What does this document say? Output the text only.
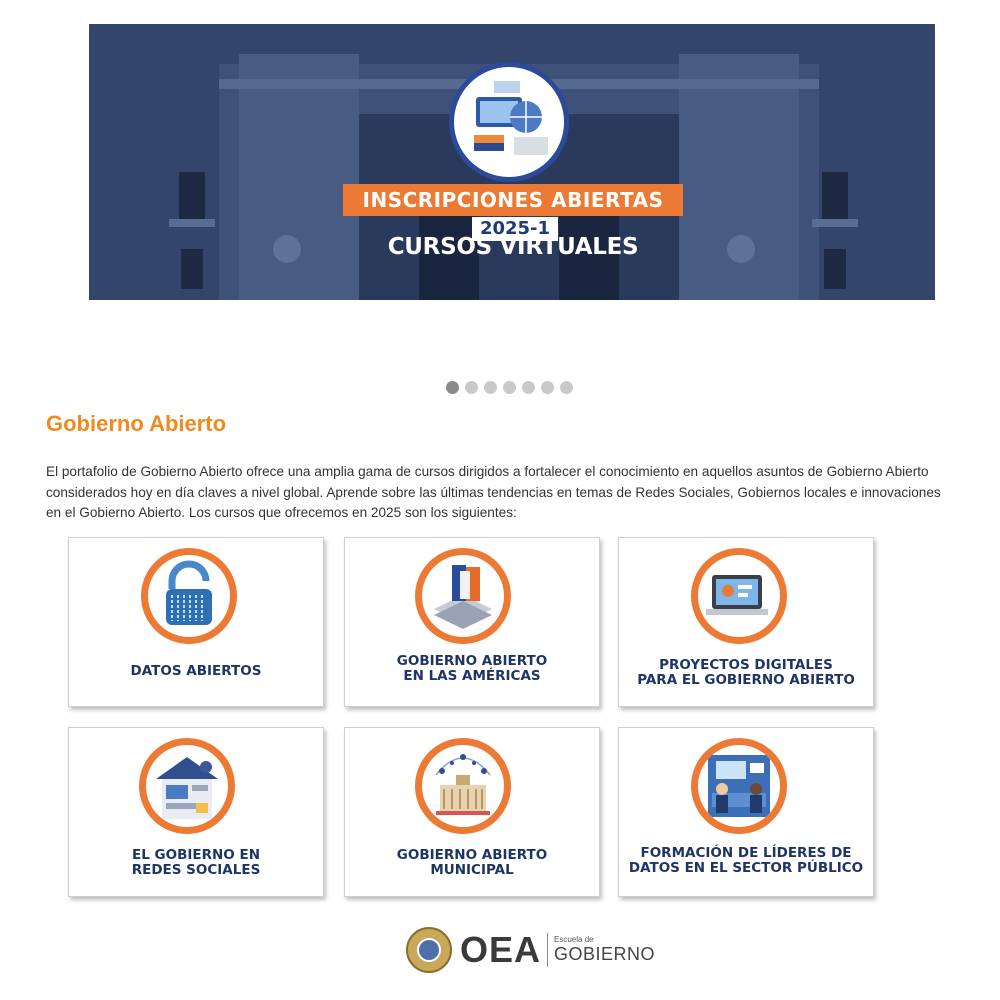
INSCRIPCIONES ABIERTAS
2025-1
CURSOS VIRTUALES
Gobierno Abierto
El portafolio de Gobierno Abierto ofrece una amplia gama de cursos dirigidos a fortalecer el conocimiento en aquellos asuntos de Gobierno Abierto considerados hoy en día claves a nivel global. Aprende sobre las últimas tendencias en temas de Redes Sociales, Gobiernos locales e innovaciones en el Gobierno Abierto. Los cursos que ofrecemos en 2025 son los siguientes:
DATOS ABIERTOS
GOBIERNO ABIERTO
EN LAS AMÉRICAS
PROYECTOS DIGITALES
PARA EL GOBIERNO ABIERTO
EL GOBIERNO EN
REDES SOCIALES
GOBIERNO ABIERTO
MUNICIPAL
FORMACIÓN DE LÍDERES DE
DATOS EN EL SECTOR PÚBLICO
OEA Escuela de
GOBIERNO
